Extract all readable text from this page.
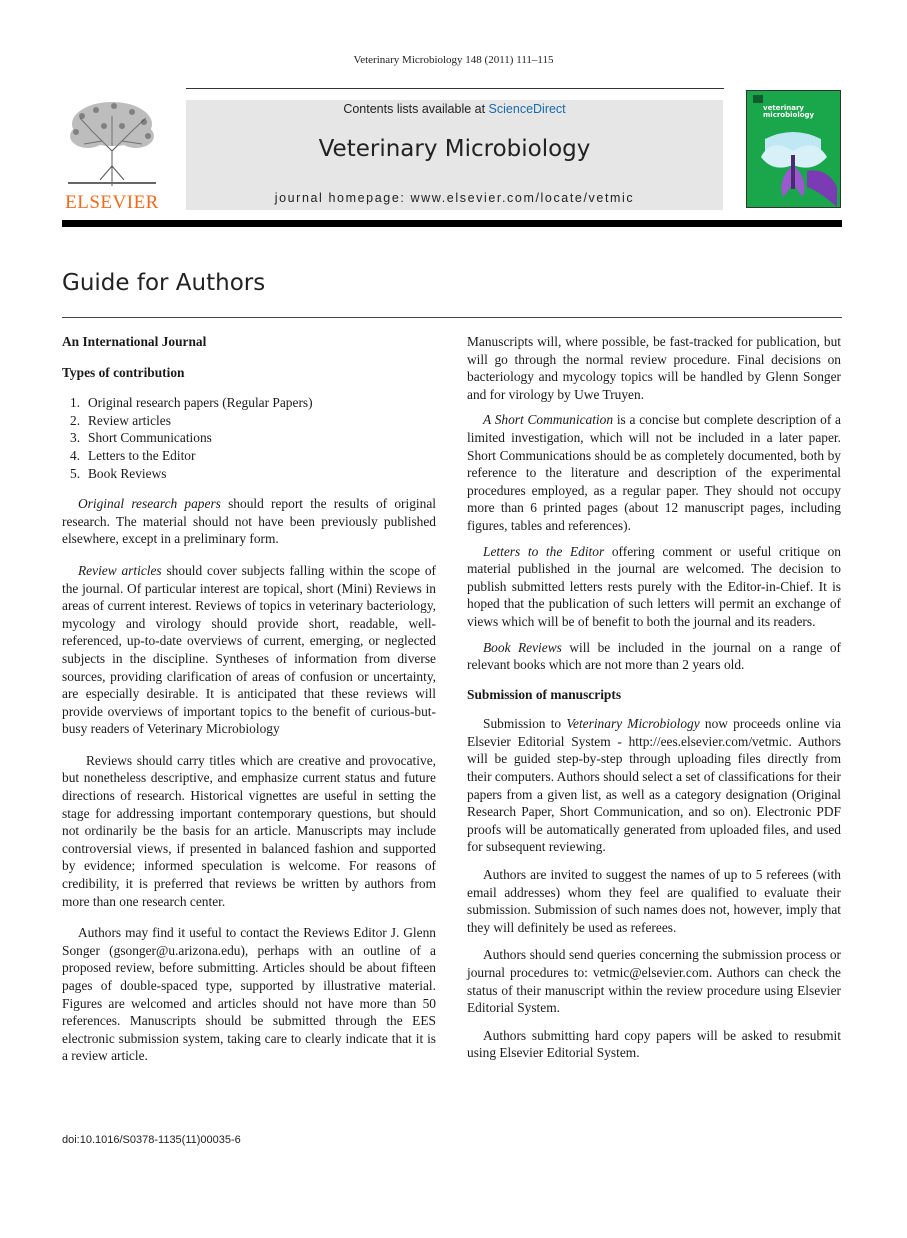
Veterinary Microbiology 148 (2011) 111–115
ELSEVIER
Contents lists available at ScienceDirect
Veterinary Microbiology
journal homepage: www.elsevier.com/locate/vetmic
veterinary microbiology
Guide for Authors
An International Journal
Types of contribution
1. Original research papers (Regular Papers)
2. Review articles
3. Short Communications
4. Letters to the Editor
5. Book Reviews

Original research papers should report the results of original research. The material should not have been previously published elsewhere, except in a preliminary form.

Review articles should cover subjects falling within the scope of the journal. Of particular interest are topical, short (Mini) Reviews in areas of current interest. Reviews of topics in veterinary bacteriology, mycology and virology should provide short, readable, well-referenced, up-to-date overviews of current, emerging, or neglected subjects in the discipline. Syntheses of information from diverse sources, providing clarification of areas of confusion or uncertainty, are especially desirable. It is anticipated that these reviews will provide overviews of important topics to the benefit of curious-but-busy readers of Veterinary Microbiology

Reviews should carry titles which are creative and provocative, but nonetheless descriptive, and emphasize current status and future directions of research. Historical vignettes are useful in setting the stage for addressing important contemporary questions, but should not ordinarily be the basis for an article. Manuscripts may include controversial views, if presented in balanced fashion and supported by evidence; informed speculation is welcome. For reasons of credibility, it is preferred that reviews be written by authors from more than one research center.

Authors may find it useful to contact the Reviews Editor J. Glenn Songer (gsonger@u.arizona.edu), perhaps with an outline of a proposed review, before submitting. Articles should be about fifteen pages of double-spaced type, supported by illustrative material. Figures are welcomed and articles should not have more than 50 references. Manuscripts should be submitted through the EES electronic submission system, taking care to clearly indicate that it is a review article.

Manuscripts will, where possible, be fast-tracked for publication, but will go through the normal review procedure. Final decisions on bacteriology and mycology topics will be handled by Glenn Songer and for virology by Uwe Truyen.

A Short Communication is a concise but complete description of a limited investigation, which will not be included in a later paper. Short Communications should be as completely documented, both by reference to the literature and description of the experimental procedures employed, as a regular paper. They should not occupy more than 6 printed pages (about 12 manuscript pages, including figures, tables and references).

Letters to the Editor offering comment or useful critique on material published in the journal are welcomed. The decision to publish submitted letters rests purely with the Editor-in-Chief. It is hoped that the publication of such letters will permit an exchange of views which will be of benefit to both the journal and its readers.

Book Reviews will be included in the journal on a range of relevant books which are not more than 2 years old.

Submission of manuscripts

Submission to Veterinary Microbiology now proceeds online via Elsevier Editorial System - http://ees.elsevier.com/vetmic. Authors will be guided step-by-step through uploading files directly from their computers. Authors should select a set of classifications for their papers from a given list, as well as a category designation (Original Research Paper, Short Communication, and so on). Electronic PDF proofs will be automatically generated from uploaded files, and used for subsequent reviewing.

Authors are invited to suggest the names of up to 5 referees (with email addresses) whom they feel are qualified to evaluate their submission. Submission of such names does not, however, imply that they will definitely be used as referees.

Authors should send queries concerning the submission process or journal procedures to: vetmic@elsevier.com. Authors can check the status of their manuscript within the review procedure using Elsevier Editorial System.

Authors submitting hard copy papers will be asked to resubmit using Elsevier Editorial System.

doi:10.1016/S0378-1135(11)00035-6
